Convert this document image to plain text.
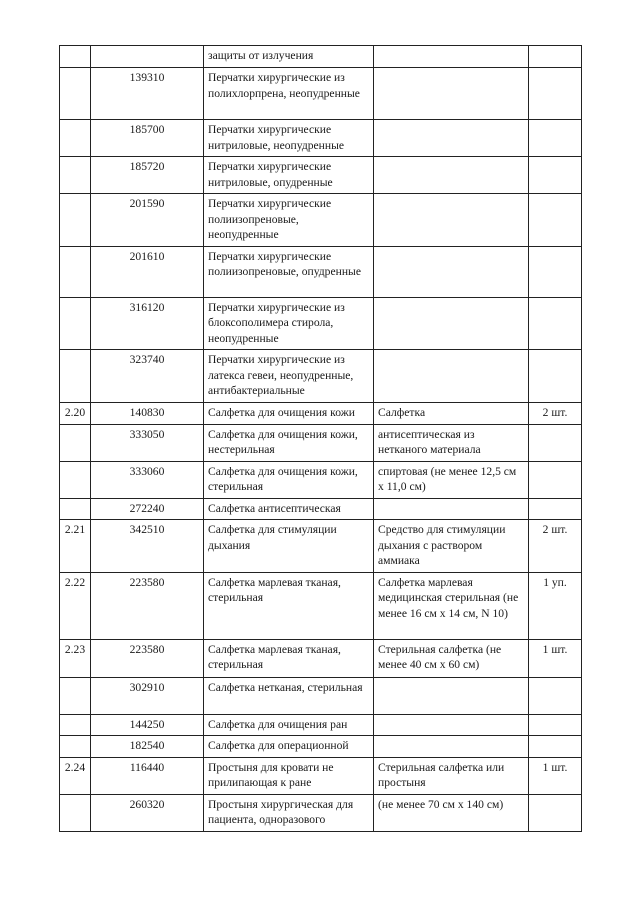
		защиты от излучения		
	139310	Перчатки хирургические из полихлорпрена, неопудренные		
	185700	Перчатки хирургические нитриловые, неопудренные		
	185720	Перчатки хирургические нитриловые, опудренные		
	201590	Перчатки хирургические полиизопреновые, неопудренные		
	201610	Перчатки хирургические полиизопреновые, опудренные		
	316120	Перчатки хирургические из блоксополимера стирола, неопудренные		
	323740	Перчатки хирургические из латекса гевеи, неопудренные, антибактериальные		
2.20	140830	Салфетка для очищения кожи	Салфетка	2 шт.
	333050	Салфетка для очищения кожи, нестерильная	антисептическая из нетканого материала	
	333060	Салфетка для очищения кожи, стерильная	спиртовая (не менее 12,5 см х 11,0 см)	
	272240	Салфетка антисептическая		
2.21	342510	Салфетка для стимуляции дыхания	Средство для стимуляции дыхания с раствором аммиака	2 шт.
2.22	223580	Салфетка марлевая тканая, стерильная	Салфетка марлевая медицинская стерильная (не менее 16 см х 14 см, N 10)	1 уп.
2.23	223580	Салфетка марлевая тканая, стерильная	Стерильная салфетка (не менее 40 см х 60 см)	1 шт.
	302910	Салфетка нетканая, стерильная		
	144250	Салфетка для очищения ран		
	182540	Салфетка для операционной		
2.24	116440	Простыня для кровати не прилипающая к ране	Стерильная салфетка или простыня	1 шт.
	260320	Простыня хирургическая для пациента, одноразового	(не менее 70 см х 140 см)	
